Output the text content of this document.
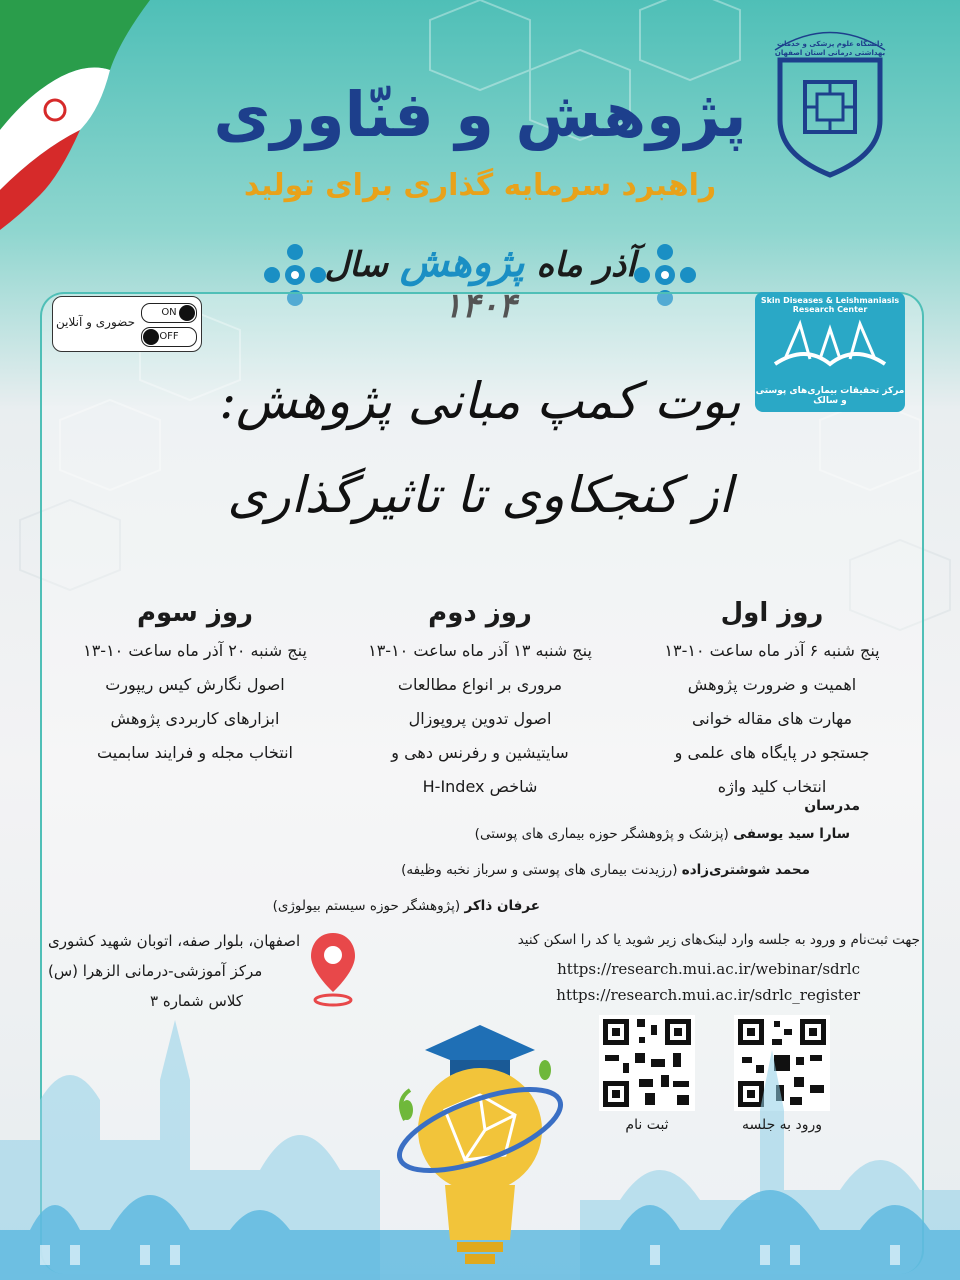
دانشگاه علوم پزشکی و خدمات بهداشتی درمانی استان اصفهان
پژوهش و فنّاوری
راهبرد سرمایه گذاری برای تولید
آذر ماه پژوهش سال ۱۴۰۴
ON
OFF
حضوری و آنلاین
Skin Diseases & Leishmaniasis Research Center
مرکز تحقیقات بیماری‌های پوستی و سالک
بوت کمپ مبانی پژوهش:
از کنجکاوی تا تاثیرگذاری
روز اول
پنج شنبه ۶ آذر ماه ساعت ۱۰-۱۳
اهمیت و ضرورت پژوهش
مهارت های مقاله خوانی
جستجو در پایگاه های علمی و
انتخاب کلید واژه
روز دوم
پنج شنبه ۱۳ آذر ماه ساعت ۱۰-۱۳
مروری بر انواع مطالعات
اصول تدوین پروپوزال
سایتیشین و رفرنس دهی و
شاخص H-Index
روز سوم
پنج شنبه ۲۰ آذر ماه ساعت ۱۰-۱۳
اصول نگارش کیس ریپورت
ابزارهای کاربردی پژوهش
انتخاب مجله و فرایند سابمیت
مدرسان
سارا سید یوسفی (پزشک و پژوهشگر حوزه بیماری های پوستی)
محمد شوشتری‌زاده (رزیدنت بیماری های پوستی و سرباز نخبه وظیفه)
عرفان ذاکر (پژوهشگر حوزه سیستم بیولوژی)
اصفهان، بلوار صفه، اتوبان شهید کشوری
مرکز آموزشی-درمانی الزهرا (س)
کلاس شماره ۳
جهت ثبت‌نام و ورود به جلسه وارد لینک‌های زیر شوید یا کد را اسکن کنید
https://research.mui.ac.ir/webinar/sdrlc
https://research.mui.ac.ir/sdrlc_register
ورود به جلسه
ثبت نام
